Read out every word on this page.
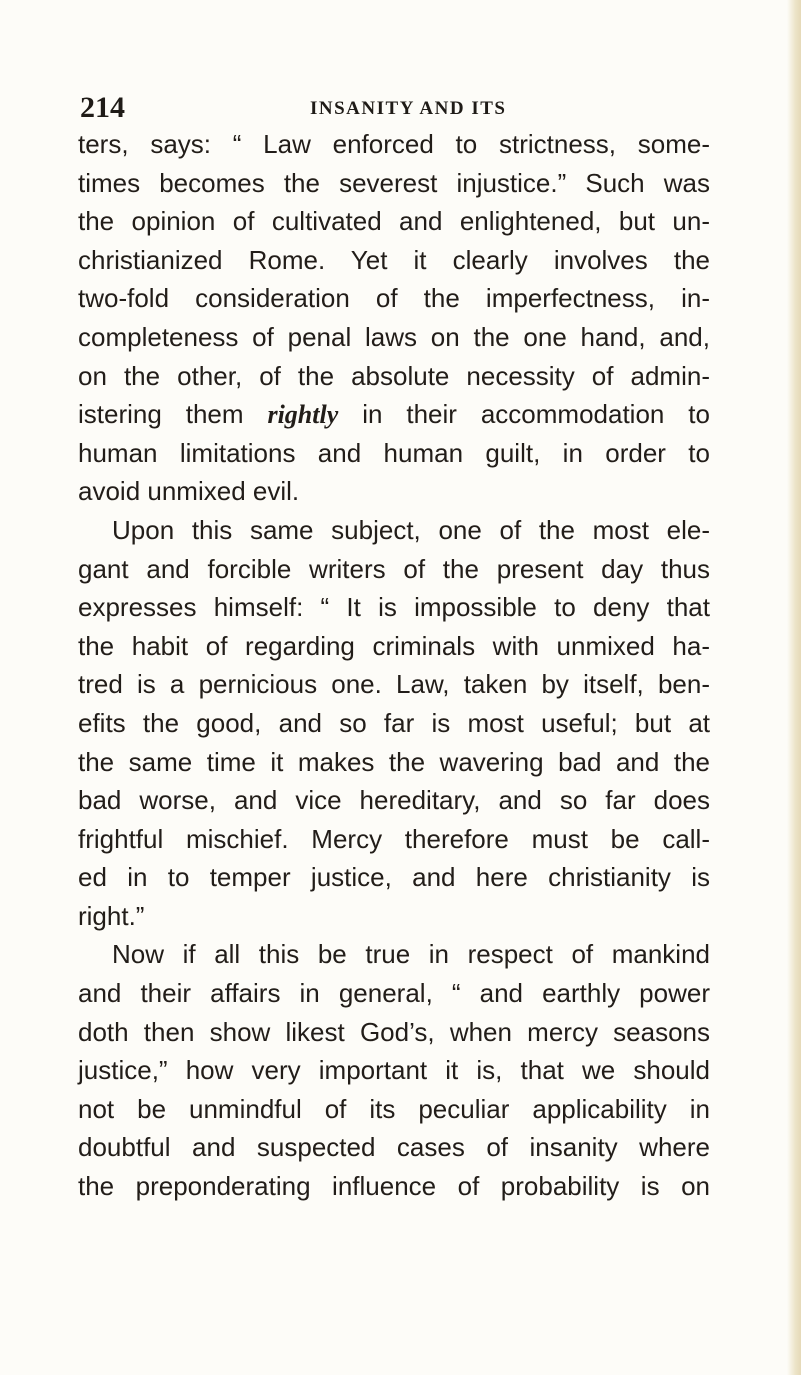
214	INSANITY AND ITS
ters, says: “ Law enforced to strictness, some-
times becomes the severest injustice.” Such was
the opinion of cultivated and enlightened, but un-
christianized Rome. Yet it clearly involves the
two-fold consideration of the imperfectness, in-
completeness of penal laws on the one hand, and,
on the other, of the absolute necessity of admin-
istering them rightly in their accommodation to
human limitations and human guilt, in order to
avoid unmixed evil.
Upon this same subject, one of the most ele-
gant and forcible writers of the present day thus
expresses himself: “ It is impossible to deny that
the habit of regarding criminals with unmixed ha-
tred is a pernicious one. Law, taken by itself, ben-
efits the good, and so far is most useful; but at
the same time it makes the wavering bad and the
bad worse, and vice hereditary, and so far does
frightful mischief. Mercy therefore must be call-
ed in to temper justice, and here christianity is
right.”
Now if all this be true in respect of mankind
and their affairs in general, “ and earthly power
doth then show likest God’s, when mercy seasons
justice,” how very important it is, that we should
not be unmindful of its peculiar applicability in
doubtful and suspected cases of insanity where
the preponderating influence of probability is on
